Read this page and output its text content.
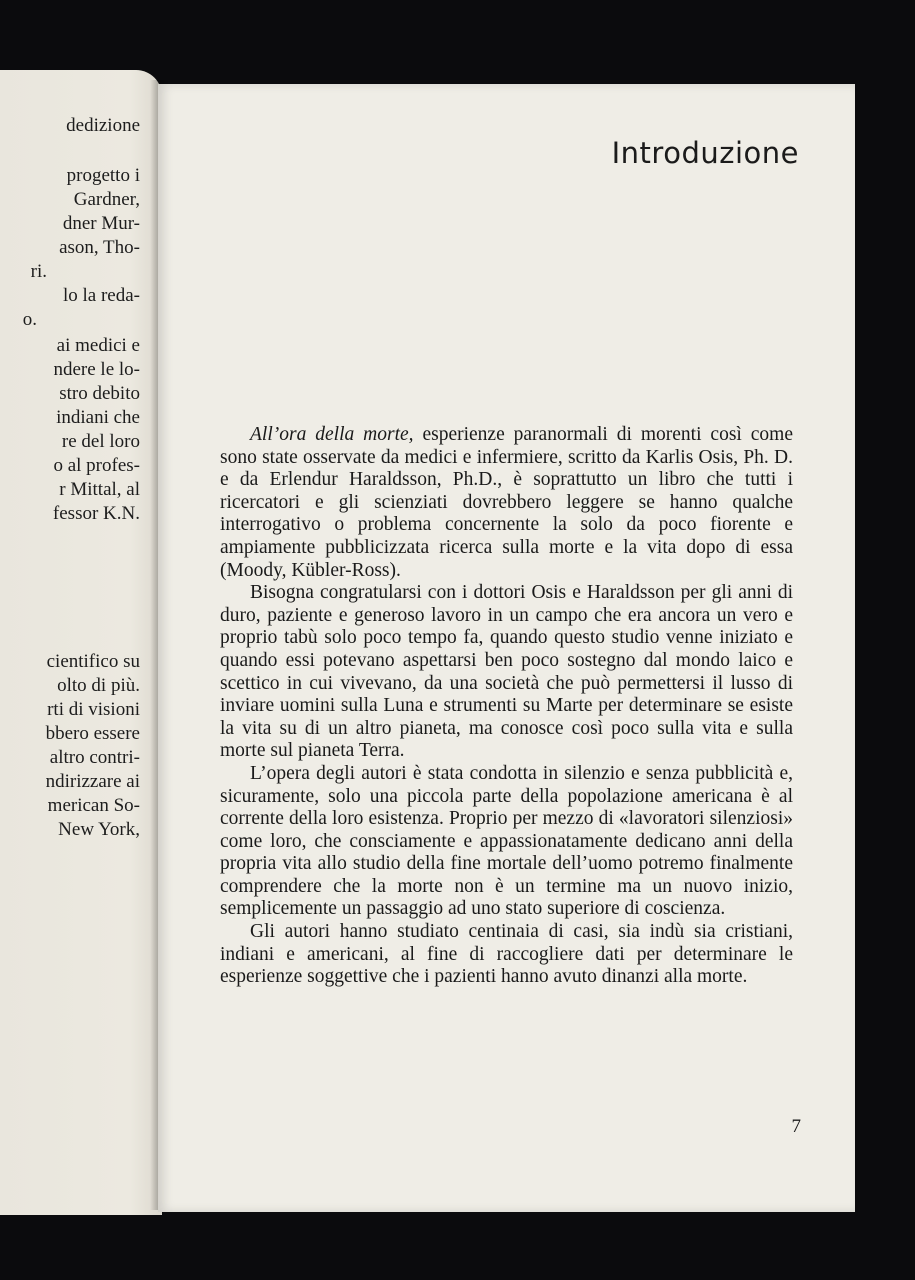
dedizione
progetto i
Gardner,
dner Mur-
ason, Tho-
ri.
lo la reda-
o.
ai medici e
ndere le lo-
stro debito
indiani che
re del loro
o al profes-
r Mittal, al
fessor K.N.
cientifico su
olto di più.
rti di visioni
bbero essere
altro contri-
ndirizzare ai
merican So-
New York,
Introduzione

All’ora della morte, esperienze paranormali di morenti così come sono state osservate da medici e infermiere, scritto da Karlis Osis, Ph. D. e da Erlendur Haraldsson, Ph.D., è soprattutto un libro che tutti i ricercatori e gli scienziati dovrebbero leggere se hanno qualche interrogativo o problema concernente la solo da poco fiorente e ampiamente pubblicizzata ricerca sulla morte e la vita dopo di essa (Moody, Kübler-Ross).

Bisogna congratularsi con i dottori Osis e Haraldsson per gli anni di duro, paziente e generoso lavoro in un campo che era ancora un vero e proprio tabù solo poco tempo fa, quando questo studio venne iniziato e quando essi potevano aspettarsi ben poco sostegno dal mondo laico e scettico in cui vivevano, da una società che può permettersi il lusso di inviare uomini sulla Luna e strumenti su Marte per determinare se esiste la vita su di un altro pianeta, ma conosce così poco sulla vita e sulla morte sul pianeta Terra.

L’opera degli autori è stata condotta in silenzio e senza pubblicità e, sicuramente, solo una piccola parte della popolazione americana è al corrente della loro esistenza. Proprio per mezzo di «lavoratori silenziosi» come loro, che consciamente e appassionatamente dedicano anni della propria vita allo studio della fine mortale dell’uomo potremo finalmente comprendere che la morte non è un termine ma un nuovo inizio, semplicemente un passaggio ad uno stato superiore di coscienza.

Gli autori hanno studiato centinaia di casi, sia indù sia cristiani, indiani e americani, al fine di raccogliere dati per determinare le esperienze soggettive che i pazienti hanno avuto dinanzi alla morte.

7
